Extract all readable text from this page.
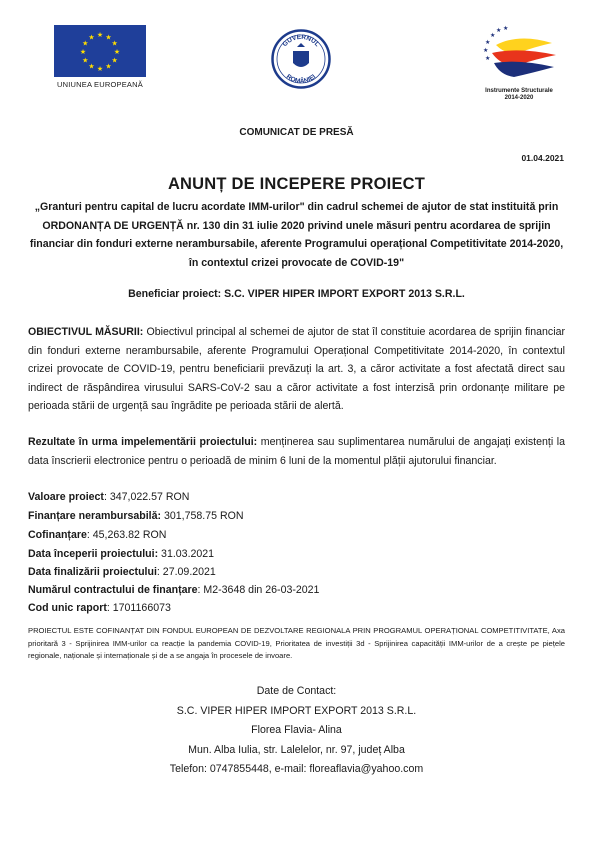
★ ★
★
★
★
★
★
★
★
★
★
★
UNIUNEA EUROPEANĂ
GUVERNUL
ROMÂNIEI
★
★ ★
★
★
★
Instrumente Structurale
2014-2020
COMUNICAT DE PRESĂ
01.04.2021
ANUNȚ DE INCEPERE PROIECT
„Granturi pentru capital de lucru acordate IMM-urilor" din cadrul schemei de ajutor de stat instituită prin ORDONANȚA DE URGENȚĂ nr. 130 din 31 iulie 2020 privind unele măsuri pentru acordarea de sprijin financiar din fonduri externe nerambursabile, aferente Programului operațional Competitivitate 2014-2020, în contextul crizei provocate de COVID-19"
Beneficiar proiect: S.C. VIPER HIPER IMPORT EXPORT 2013 S.R.L.
OBIECTIVUL MĂSURII: Obiectivul principal al schemei de ajutor de stat îl constituie acordarea de sprijin financiar din fonduri externe nerambursabile, aferente Programului Operațional Competitivitate 2014-2020, în contextul crizei provocate de COVID-19, pentru beneficiarii prevăzuți la art. 3, a căror activitate a fost afectată direct sau indirect de răspândirea virusului SARS-CoV-2 sau a căror activitate a fost interzisă prin ordonanțe militare pe perioada stării de urgență sau îngrădite pe perioada stării de alertă.
Rezultate în urma impelementării proiectului: menținerea sau suplimentarea numărului de angajați existenți la data înscrierii electronice pentru o perioadă de minim 6 luni de la momentul plății ajutorului financiar.
Valoare proiect: 347,022.57 RON
Finanțare nerambursabilă: 301,758.75 RON
Cofinanțare: 45,263.82 RON
Data începerii proiectului: 31.03.2021
Data finalizării proiectului: 27.09.2021
Numărul contractului de finanțare: M2-3648 din 26-03-2021
Cod unic raport: 1701166073
PROIECTUL ESTE COFINANȚAT DIN FONDUL EUROPEAN DE DEZVOLTARE REGIONALA PRIN PROGRAMUL OPERAȚIONAL COMPETITIVITATE, Axa prioritară 3 - Sprijinirea IMM-urilor ca reacție la pandemia COVID-19, Prioritatea de investiții 3d - Sprijinirea capacității IMM-urilor de a crește pe piețele regionale, naționale și internaționale și de a se angaja în procesele de invoare.
Date de Contact:
S.C. VIPER HIPER IMPORT EXPORT 2013 S.R.L.
Florea Flavia- Alina
Mun. Alba Iulia, str. Lalelelor, nr. 97, județ Alba
Telefon: 0747855448, e-mail: floreaflavia@yahoo.com
